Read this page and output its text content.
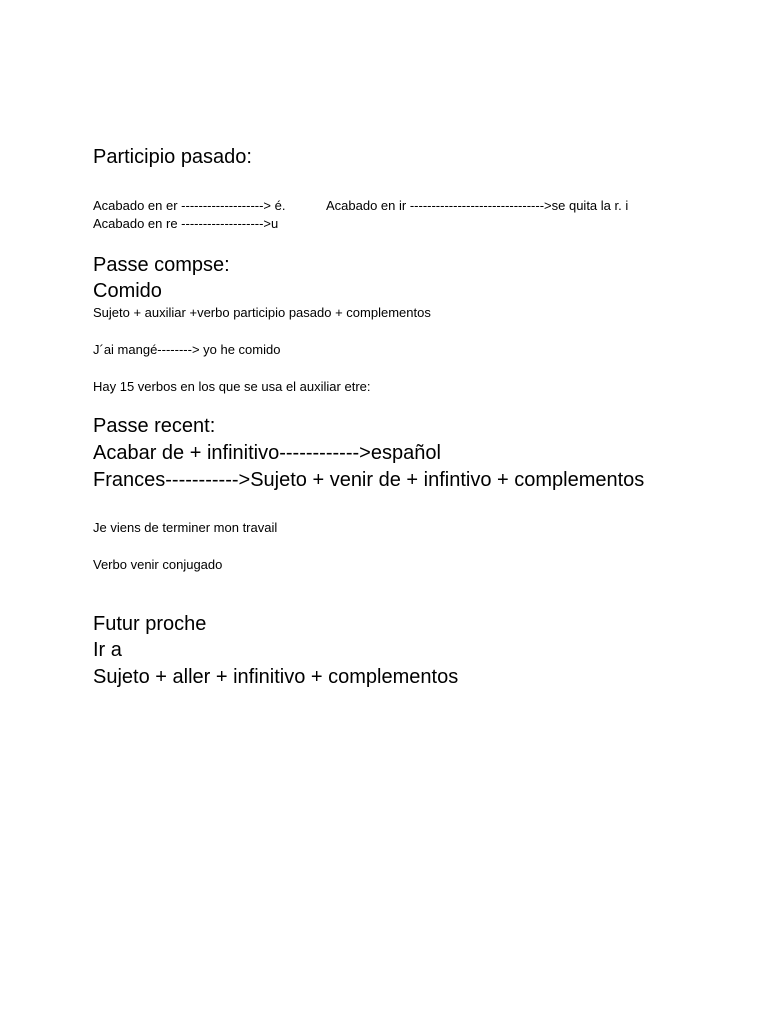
Participio pasado:
Acabado en er -------------------> é.	Acabado en ir ------------------------------->se quita la r. i
Acabado en re ------------------->u
Passe compse:
Comido
Sujeto + auxiliar +verbo participio pasado + complementos
J´ai mangé--------> yo he comido
Hay 15 verbos en los que se usa el auxiliar etre:
Passe recent:
Acabar de + infinitivo------------>español
Frances----------->Sujeto + venir de + infintivo + complementos
Je viens de terminer mon travail
Verbo venir conjugado
Futur proche
Ir a
Sujeto + aller + infinitivo + complementos
